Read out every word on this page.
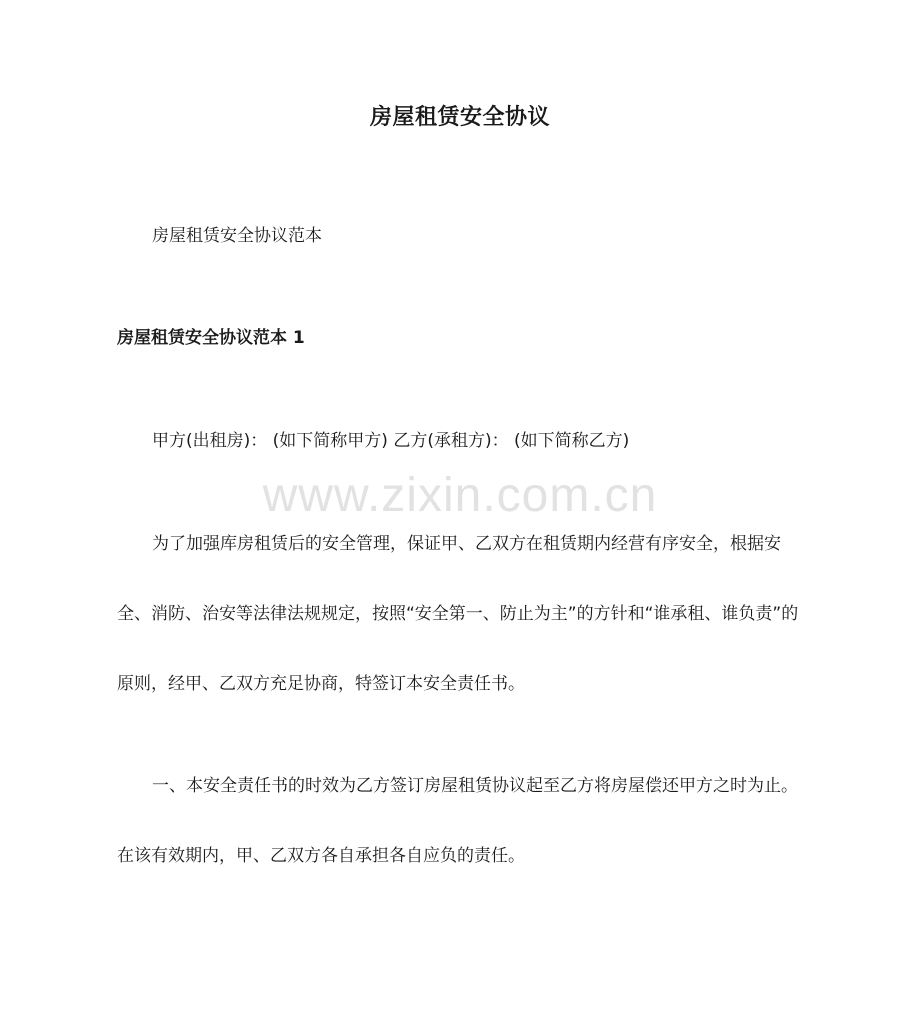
房屋租赁安全协议
房屋租赁安全协议范本
房屋租赁安全协议范本 1
甲方(出租房)： (如下简称甲方) 乙方(承租方)： (如下简称乙方)
为了加强库房租赁后的安全管理，保证甲、乙双方在租赁期内经营有序安全，根据安全、消防、治安等法律法规规定，按照“安全第一、防止为主”的方针和“谁承租、谁负责”的原则，经甲、乙双方充足协商，特签订本安全责任书。
一、本安全责任书的时效为乙方签订房屋租赁协议起至乙方将房屋偿还甲方之时为止。在该有效期内，甲、乙双方各自承担各自应负的责任。
www.zixin.com.cn
